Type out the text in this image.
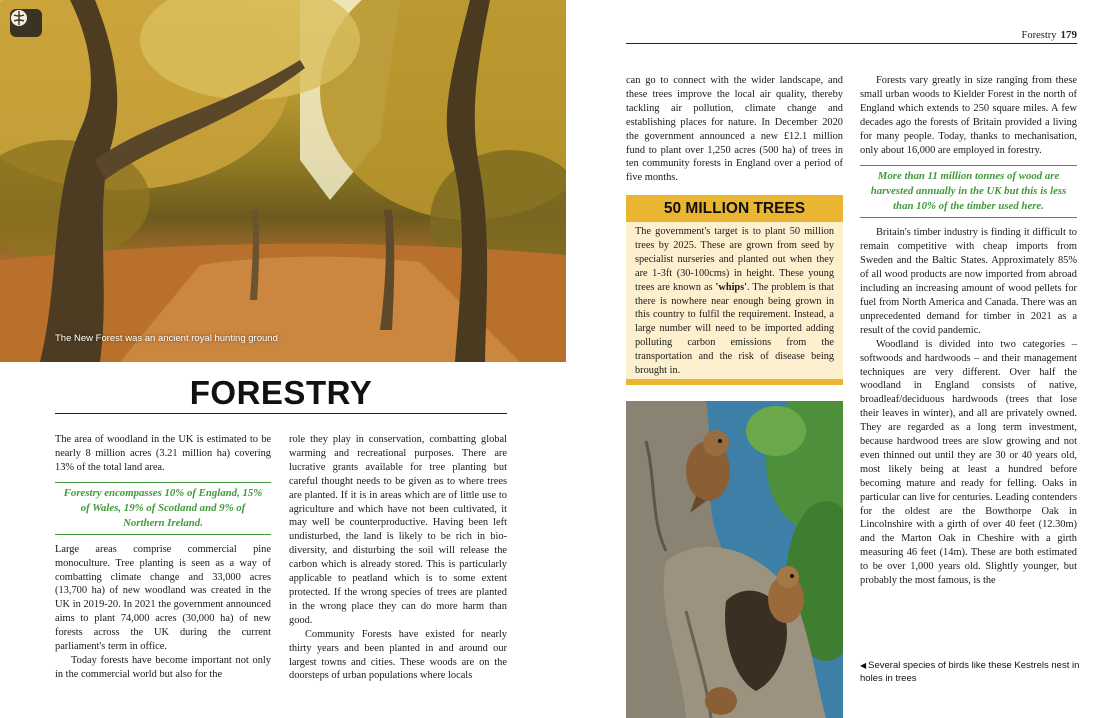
The New Forest was an ancient royal hunting ground
FORESTRY

The area of woodland in the UK is estimated to be nearly 8 million acres (3.21 million ha) covering 13% of the total land area.

Forestry encompasses 10% of England, 15% of Wales, 19% of Scotland and 9% of Northern Ireland.

Large areas comprise commercial pine monoculture. Tree planting is seen as a way of combatting climate change and 33,000 acres (13,700 ha) of new woodland was created in the UK in 2019-20. In 2021 the government announced aims to plant 74,000 acres (30,000 ha) of new forests across the UK during the current parliament's term in office.

Today forests have become important not only in the commercial world but also for the

role they play in conservation, combatting global warming and recreational purposes. There are lucrative grants available for tree planting but careful thought needs to be given as to where trees are planted. If it is in areas which are of little use to agriculture and which have not been cultivated, it may well be counterproductive. Having been left undisturbed, the land is likely to be rich in bio-diversity, and disturbing the soil will release the carbon which is already stored. This is particularly applicable to peatland which is to some extent protected. If the wrong species of trees are planted in the wrong place they can do more harm than good.

Community Forests have existed for nearly thirty years and been planted in and around our largest towns and cities. These woods are on the doorsteps of urban populations where locals

Forestry 179

can go to connect with the wider landscape, and these trees improve the local air quality, thereby tackling air pollution, climate change and establishing places for nature. In December 2020 the government announced a new £12.1 million fund to plant over 1,250 acres (500 ha) of trees in ten community forests in England over a period of five months.

50 MILLION TREES
The government's target is to plant 50 million trees by 2025. These are grown from seed by specialist nurseries and planted out when they are 1-3ft (30-100cms) in height. These young trees are known as 'whips'. The problem is that there is nowhere near enough being grown in this country to fulfil the requirement. Instead, a large number will need to be imported adding polluting carbon emissions from the transportation and the risk of disease being brought in.

Forests vary greatly in size ranging from these small urban woods to Kielder Forest in the north of England which extends to 250 square miles. A few decades ago the forests of Britain provided a living for many people. Today, thanks to mechanisation, only about 16,000 are employed in forestry.

More than 11 million tonnes of wood are harvested annually in the UK but this is less than 10% of the timber used here.

Britain's timber industry is finding it difficult to remain competitive with cheap imports from Sweden and the Baltic States. Approximately 85% of all wood products are now imported from abroad including an increasing amount of wood pellets for fuel from North America and Canada. There was an unprecedented demand for timber in 2021 as a result of the covid pandemic.

Woodland is divided into two categories – softwoods and hardwoods – and their management techniques are very different. Over half the woodland in England consists of native, broadleaf/deciduous hardwoods (trees that lose their leaves in winter), and all are privately owned. They are regarded as a long term investment, because hardwood trees are slow growing and not even thinned out until they are 30 or 40 years old, most likely being at least a hundred before becoming mature and ready for felling. Oaks in particular can live for centuries. Leading contenders for the oldest are the Bowthorpe Oak in Lincolnshire with a girth of over 40 feet (12.30m) and the Marton Oak in Cheshire with a girth measuring 46 feet (14m). These are both estimated to be over 1,000 years old. Slightly younger, but probably the most famous, is the

◀ Several species of birds like these Kestrels nest in holes in trees
